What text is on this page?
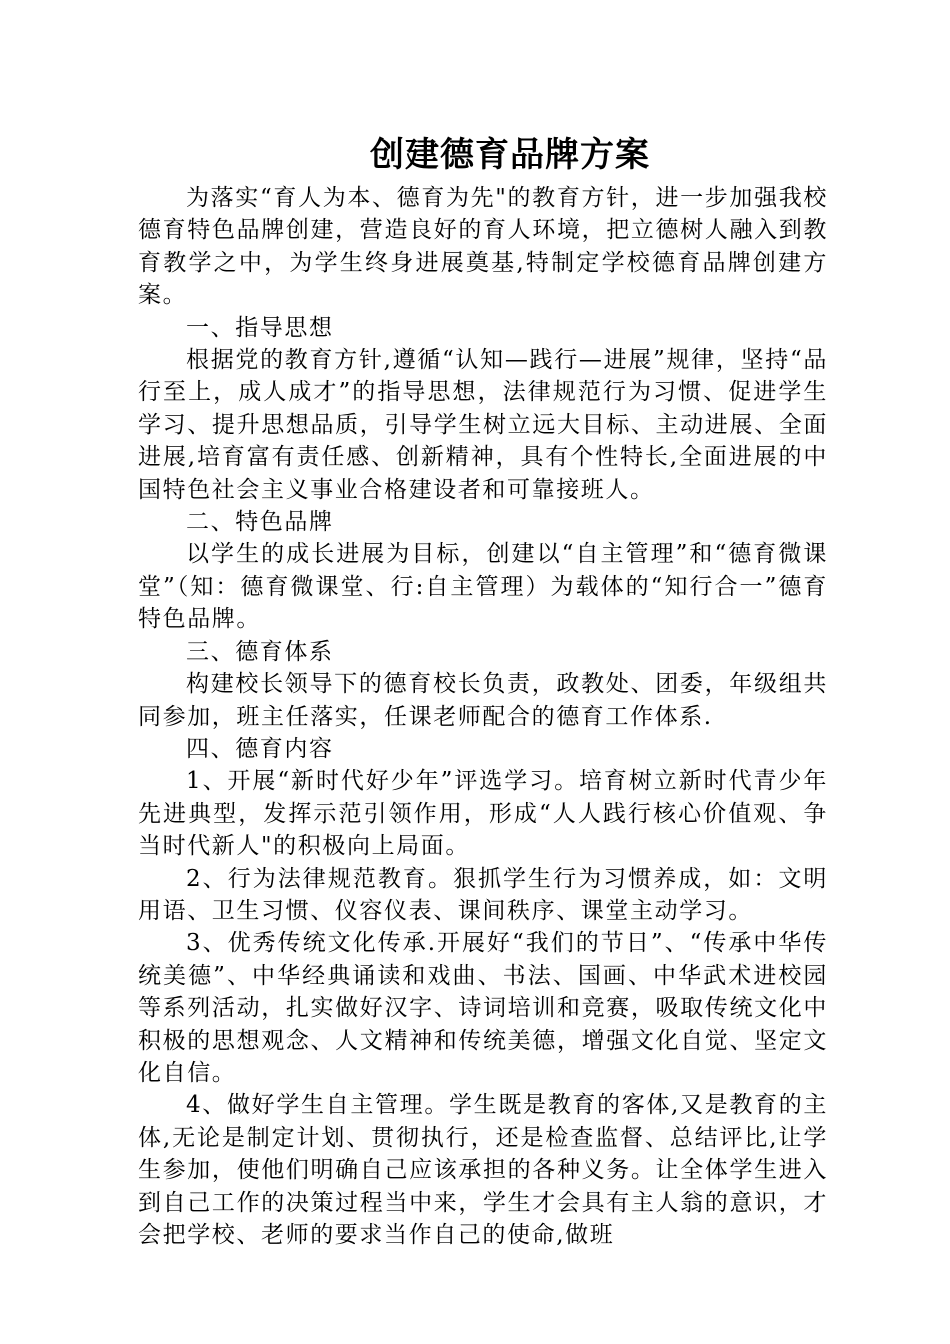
创建德育品牌方案

为落实“育人为本、德育为先"的教育方针，进一步加强我校德育特色品牌创建，营造良好的育人环境，把立德树人融入到教育教学之中，为学生终身进展奠基,特制定学校德育品牌创建方案。

一、指导思想

根据党的教育方针,遵循“认知—践行—进展”规律，坚持“品行至上，成人成才”的指导思想，法律规范行为习惯、促进学生学习、提升思想品质，引导学生树立远大目标、主动进展、全面进展,培育富有责任感、创新精神，具有个性特长,全面进展的中国特色社会主义事业合格建设者和可靠接班人。

二、特色品牌

以学生的成长进展为目标，创建以“自主管理”和“德育微课堂”（知：德育微课堂、行:自主管理）为载体的“知行合一”德育特色品牌。

三、德育体系

构建校长领导下的德育校长负责，政教处、团委，年级组共同参加，班主任落实，任课老师配合的德育工作体系.

四、德育内容

1、开展“新时代好少年”评选学习。培育树立新时代青少年先进典型，发挥示范引领作用，形成“人人践行核心价值观、争当时代新人"的积极向上局面。

2、行为法律规范教育。狠抓学生行为习惯养成，如：文明用语、卫生习惯、仪容仪表、课间秩序、课堂主动学习。

3、优秀传统文化传承.开展好“我们的节日”、“传承中华传统美德”、中华经典诵读和戏曲、书法、国画、中华武术进校园等系列活动，扎实做好汉字、诗词培训和竞赛，吸取传统文化中积极的思想观念、人文精神和传统美德，增强文化自觉、坚定文化自信。

4、做好学生自主管理。学生既是教育的客体,又是教育的主体,无论是制定计划、贯彻执行，还是检查监督、总结评比,让学生参加，使他们明确自己应该承担的各种义务。让全体学生进入到自己工作的决策过程当中来，学生才会具有主人翁的意识，才会把学校、老师的要求当作自己的使命,做班
